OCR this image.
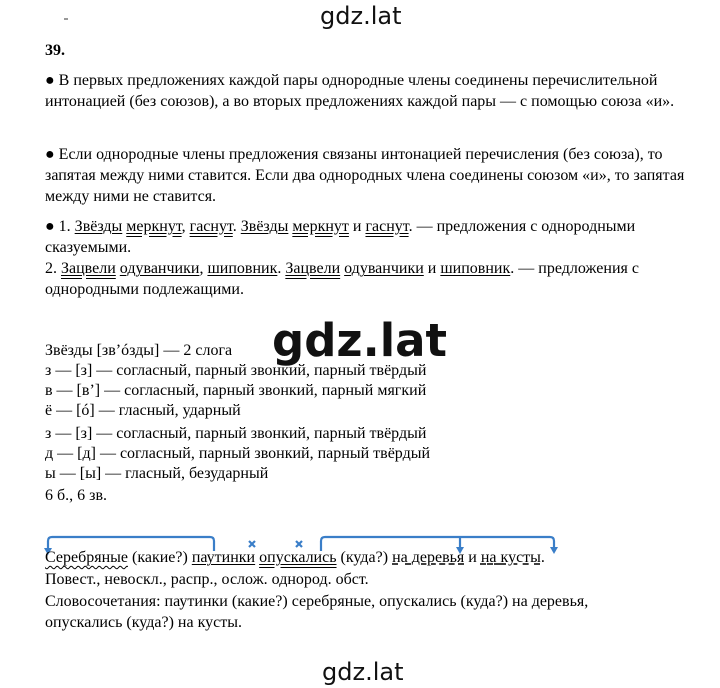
gdz.lat
39.
● В первых предложениях каждой пары однородные члены соединены перечислительной интонацией (без союзов), а во вторых предложениях каждой пары — с помощью союза «и».
● Если однородные члены предложения связаны интонацией перечисления (без союза), то запятая между ними ставится. Если два однородных члена соединены союзом «и», то запятая между ними не ставится.
● 1. Звёзды меркнут, гаснут. Звёзды меркнут и гаснут. — предложения с однородными
сказуемыми.
2. Зацвели одуванчики, шиповник. Зацвели одуванчики и шиповник. — предложения с
однородными подлежащими.
gdz.lat
Звёзды [зв’óзды] — 2 слога
з — [з] — согласный, парный звонкий, парный твёрдый
в — [в’] — согласный, парный звонкий, парный мягкий
ё — [ó] — гласный, ударный
з — [з] — согласный, парный звонкий, парный твёрдый
д — [д] — согласный, парный звонкий, парный твёрдый
ы — [ы] — гласный, безударный
6 б., 6 зв.
Серебряные (какие?) паутинки опускались (куда?) на деревья и на кусты.
Повест., невоскл., распр., ослож. однород. обст.
Словосочетания: паутинки (какие?) серебряные, опускались (куда?) на деревья,
опускались (куда?) на кусты.
gdz.lat
